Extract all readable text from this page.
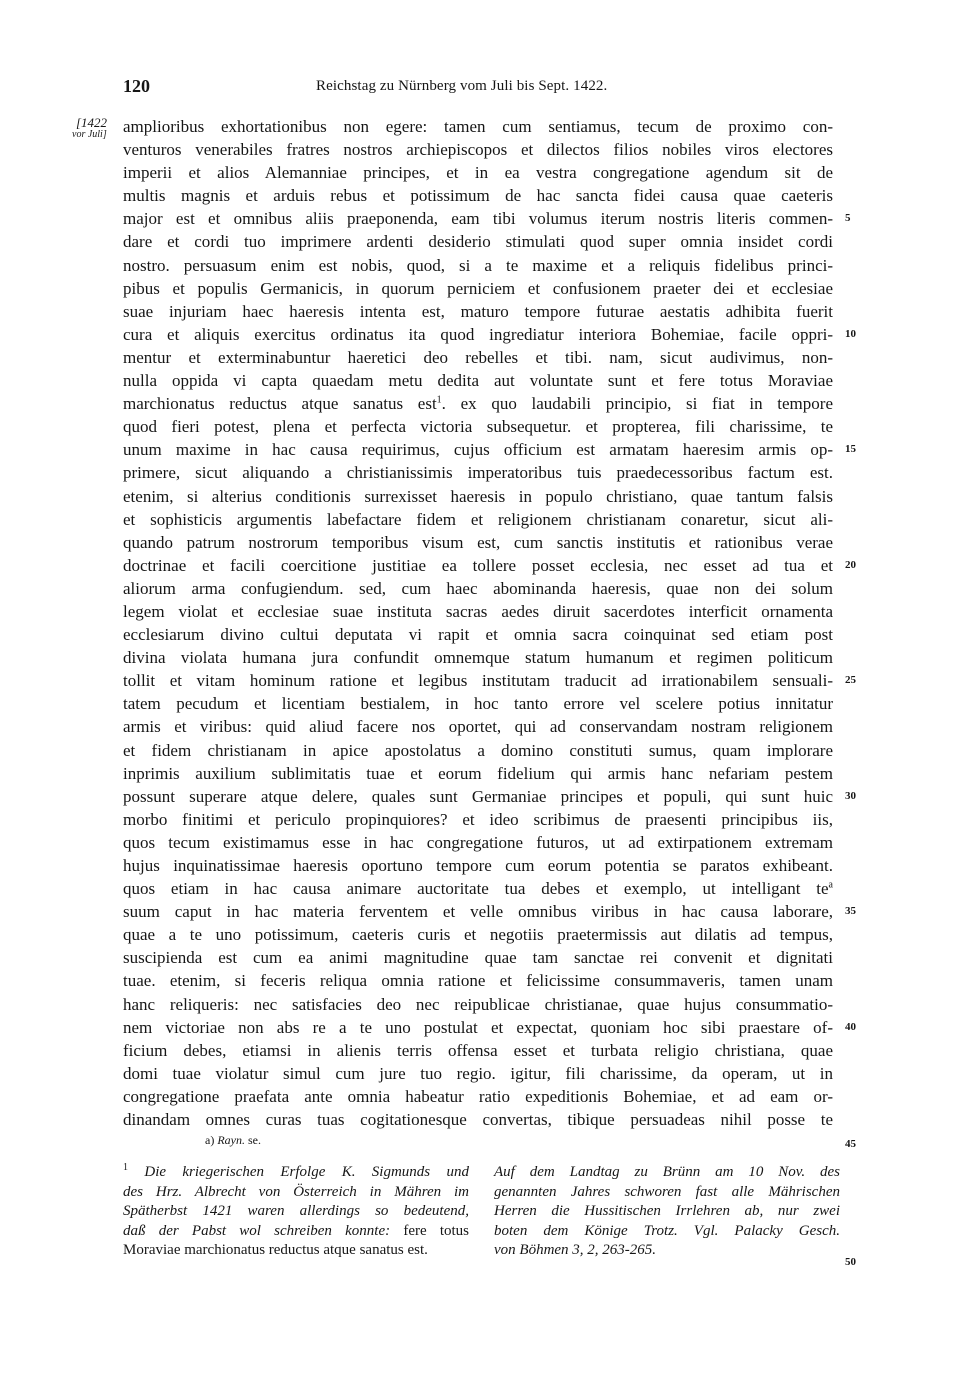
120	Reichstag zu Nürnberg vom Juli bis Sept. 1422.
[1422
vor Juli] amplioribus exhortationibus non egere: tamen cum sentiamus, tecum de proximo con-
venturos venerabiles fratres nostros archiepiscopos et dilectos filios nobiles viros electores
imperii et alios Alemanniae principes, et in ea vestra congregatione agendum sit de
multis magnis et arduis rebus et potissimum de hac sancta fidei causa quae caeteris
major est et omnibus aliis praeponenda, eam tibi volumus iterum nostris literis commen-
dare et cordi tuo imprimere ardenti desiderio stimulati quod super omnia insidet cordi
nostro. persuasum enim est nobis, quod, si a te maxime et a reliquis fidelibus princi-
pibus et populis Germanicis, in quorum perniciem et confusionem praeter dei et ecclesiae
suae injuriam haec haeresis intenta est, maturo tempore futurae aestatis adhibita fuerit
cura et aliquis exercitus ordinatus ita quod ingrediatur interiora Bohemiae, facile oppri-
mentur et exterminabuntur haeretici deo rebelles et tibi. nam, sicut audivimus, non-
nulla oppida vi capta quaedam metu dedita aut voluntate sunt et fere totus Moraviae
marchionatus reductus atque sanatus est$^1$. ex quo laudabili principio, si fiat in tempore
quod fieri potest, plena et perfecta victoria subsequetur. et propterea, fili charissime, te
unum maxime in hac causa requirimus, cujus officium est armatam haeresim armis op-
primere, sicut aliquando a christianissimis imperatoribus tuis praedecessoribus factum est.
etenim, si alterius conditionis surrexisset haeresis in populo christiano, quae tantum falsis
et sophisticis argumentis labefactare fidem et religionem christianam conaretur, sicut ali-
quando patrum nostrorum temporibus visum est, cum sanctis institutis et rationibus verae
doctrinae et facili coercitione justitiae ea tollere posset ecclesia, nec esset ad tua et
aliorum arma confugiendum. sed, cum haec abominanda haeresis, quae non dei solum
legem violat et ecclesiae suae instituta sacras aedes diruit sacerdotes interficit ornamenta
ecclesiarum divino cultui deputata vi rapit et omnia sacra coinquinat sed etiam post
divina violata humana jura confundit omnemque statum humanum et regimen politicum
tollit et vitam hominum ratione et legibus institutam traducit ad irrationabilem sensuali-
tatem pecudum et licentiam bestialem, in hoc tanto errore vel scelere potius innitatur
armis et viribus: quid aliud facere nos oportet, qui ad conservandam nostram religionem
et fidem christianam in apice apostolatus a domino constituti sumus, quam implorare
inprimis auxilium sublimitatis tuae et eorum fidelium qui armis hanc nefariam pestem
possunt superare atque delere, quales sunt Germaniae principes et populi, qui sunt huic
morbo finitimi et periculo propinquiores? et ideo scribimus de praesenti principibus iis,
quos tecum existimamus esse in hac congregatione futuros, ut ad extirpationem extremam
hujus inquinatissimae haeresis oportuno tempore cum eorum potentia se paratos exhibeant.
quos etiam in hac causa animare auctoritate tua debes et exemplo, ut intelligant $te^a$
suum caput in hac materia ferventem et velle omnibus viribus in hac causa laborare,
quae a te uno potissimum, caeteris curis et negotiis praetermissis aut dilatis ad tempus,
suscipienda est cum ea animi magnitudine quae tam sanctae rei convenit et dignitati
tuae. etenim, si feceris reliqua omnia ratione et felicissime consummaveris, tamen unam
hanc reliqueris: nec satisfacies deo nec reipublicae christianae, quae hujus consummatio-
nem victoriae non abs re a te uno postulat et expectat, quoniam hoc sibi praestare of-
ficium debes, etiamsi in alienis terris offensa esset et turbata religio christiana, quae
domi tuae violatur simul cum jure tuo regio. igitur, fili charissime, da operam, ut in
congregatione praefata ante omnia habeatur ratio expeditionis Bohemiae, et ad eam or-
dinandam omnes curas tuas cogitationesque convertas, tibique persuadeas nihil posse te
5
10
15
20
25
30
35
40
45
50
a) Rayn. se.
$^1$ Die kriegerischen Erfolge K. Sigmunds und
des Hrz. Albrecht von Österreich in Mähren im
Spätherbst 1421 waren allerdings so bedeutend,
daß der Pabst wol schreiben konnte: fere totus
Moraviae marchionatus reductus atque sanatus est.
Auf dem Landtag zu Brünn am 10 Nov. des
genannten Jahres schworen fast alle Mährischen
Herren die Hussitischen Irrlehren ab, nur zwei
boten dem Könige Trotz. Vgl. Palacky Gesch.
von Böhmen 3, 2, 263-265.
